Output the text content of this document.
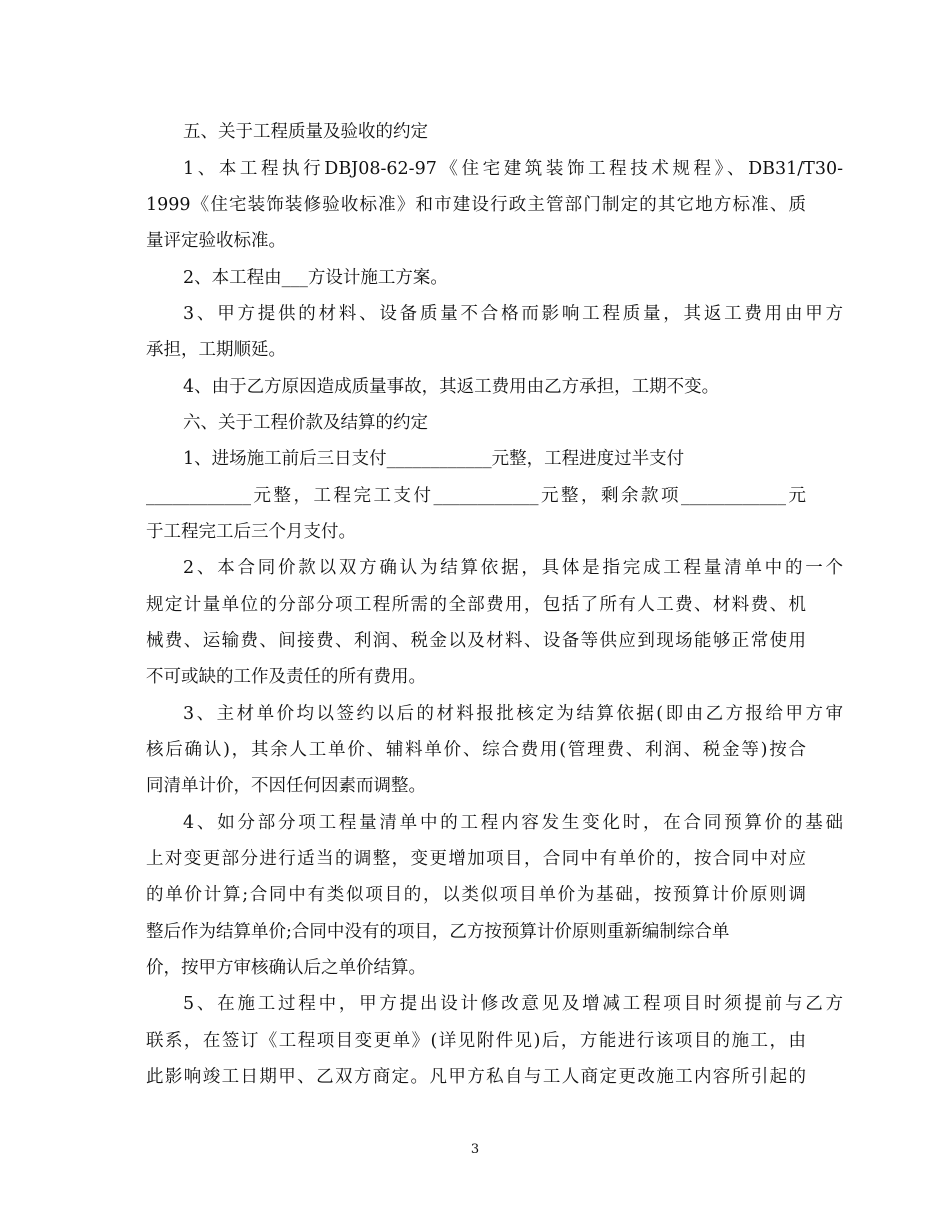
五、关于工程质量及验收的约定
1、本工程执行DBJ08-62-97《住宅建筑装饰工程技术规程》、DB31/T30-
1999《住宅装饰装修验收标准》和市建设行政主管部门制定的其它地方标准、质
量评定验收标准。
2、本工程由___方设计施工方案。
3、甲方提供的材料、设备质量不合格而影响工程质量，其返工费用由甲方
承担，工期顺延。
4、由于乙方原因造成质量事故，其返工费用由乙方承担，工期不变。
六、关于工程价款及结算的约定
1、进场施工前后三日支付____________元整，工程进度过半支付
____________元整，工程完工支付____________元整，剩余款项____________元
于工程完工后三个月支付。
2、本合同价款以双方确认为结算依据，具体是指完成工程量清单中的一个
规定计量单位的分部分项工程所需的全部费用，包括了所有人工费、材料费、机
械费、运输费、间接费、利润、税金以及材料、设备等供应到现场能够正常使用
不可或缺的工作及责任的所有费用。
3、主材单价均以签约以后的材料报批核定为结算依据(即由乙方报给甲方审
核后确认)，其余人工单价、辅料单价、综合费用(管理费、利润、税金等)按合
同清单计价，不因任何因素而调整。
4、如分部分项工程量清单中的工程内容发生变化时，在合同预算价的基础
上对变更部分进行适当的调整，变更增加项目，合同中有单价的，按合同中对应
的单价计算;合同中有类似项目的，以类似项目单价为基础，按预算计价原则调
整后作为结算单价;合同中没有的项目，乙方按预算计价原则重新编制综合单
价，按甲方审核确认后之单价结算。
5、在施工过程中，甲方提出设计修改意见及增减工程项目时须提前与乙方
联系，在签订《工程项目变更单》(详见附件见)后，方能进行该项目的施工，由
此影响竣工日期甲、乙双方商定。凡甲方私自与工人商定更改施工内容所引起的
3
